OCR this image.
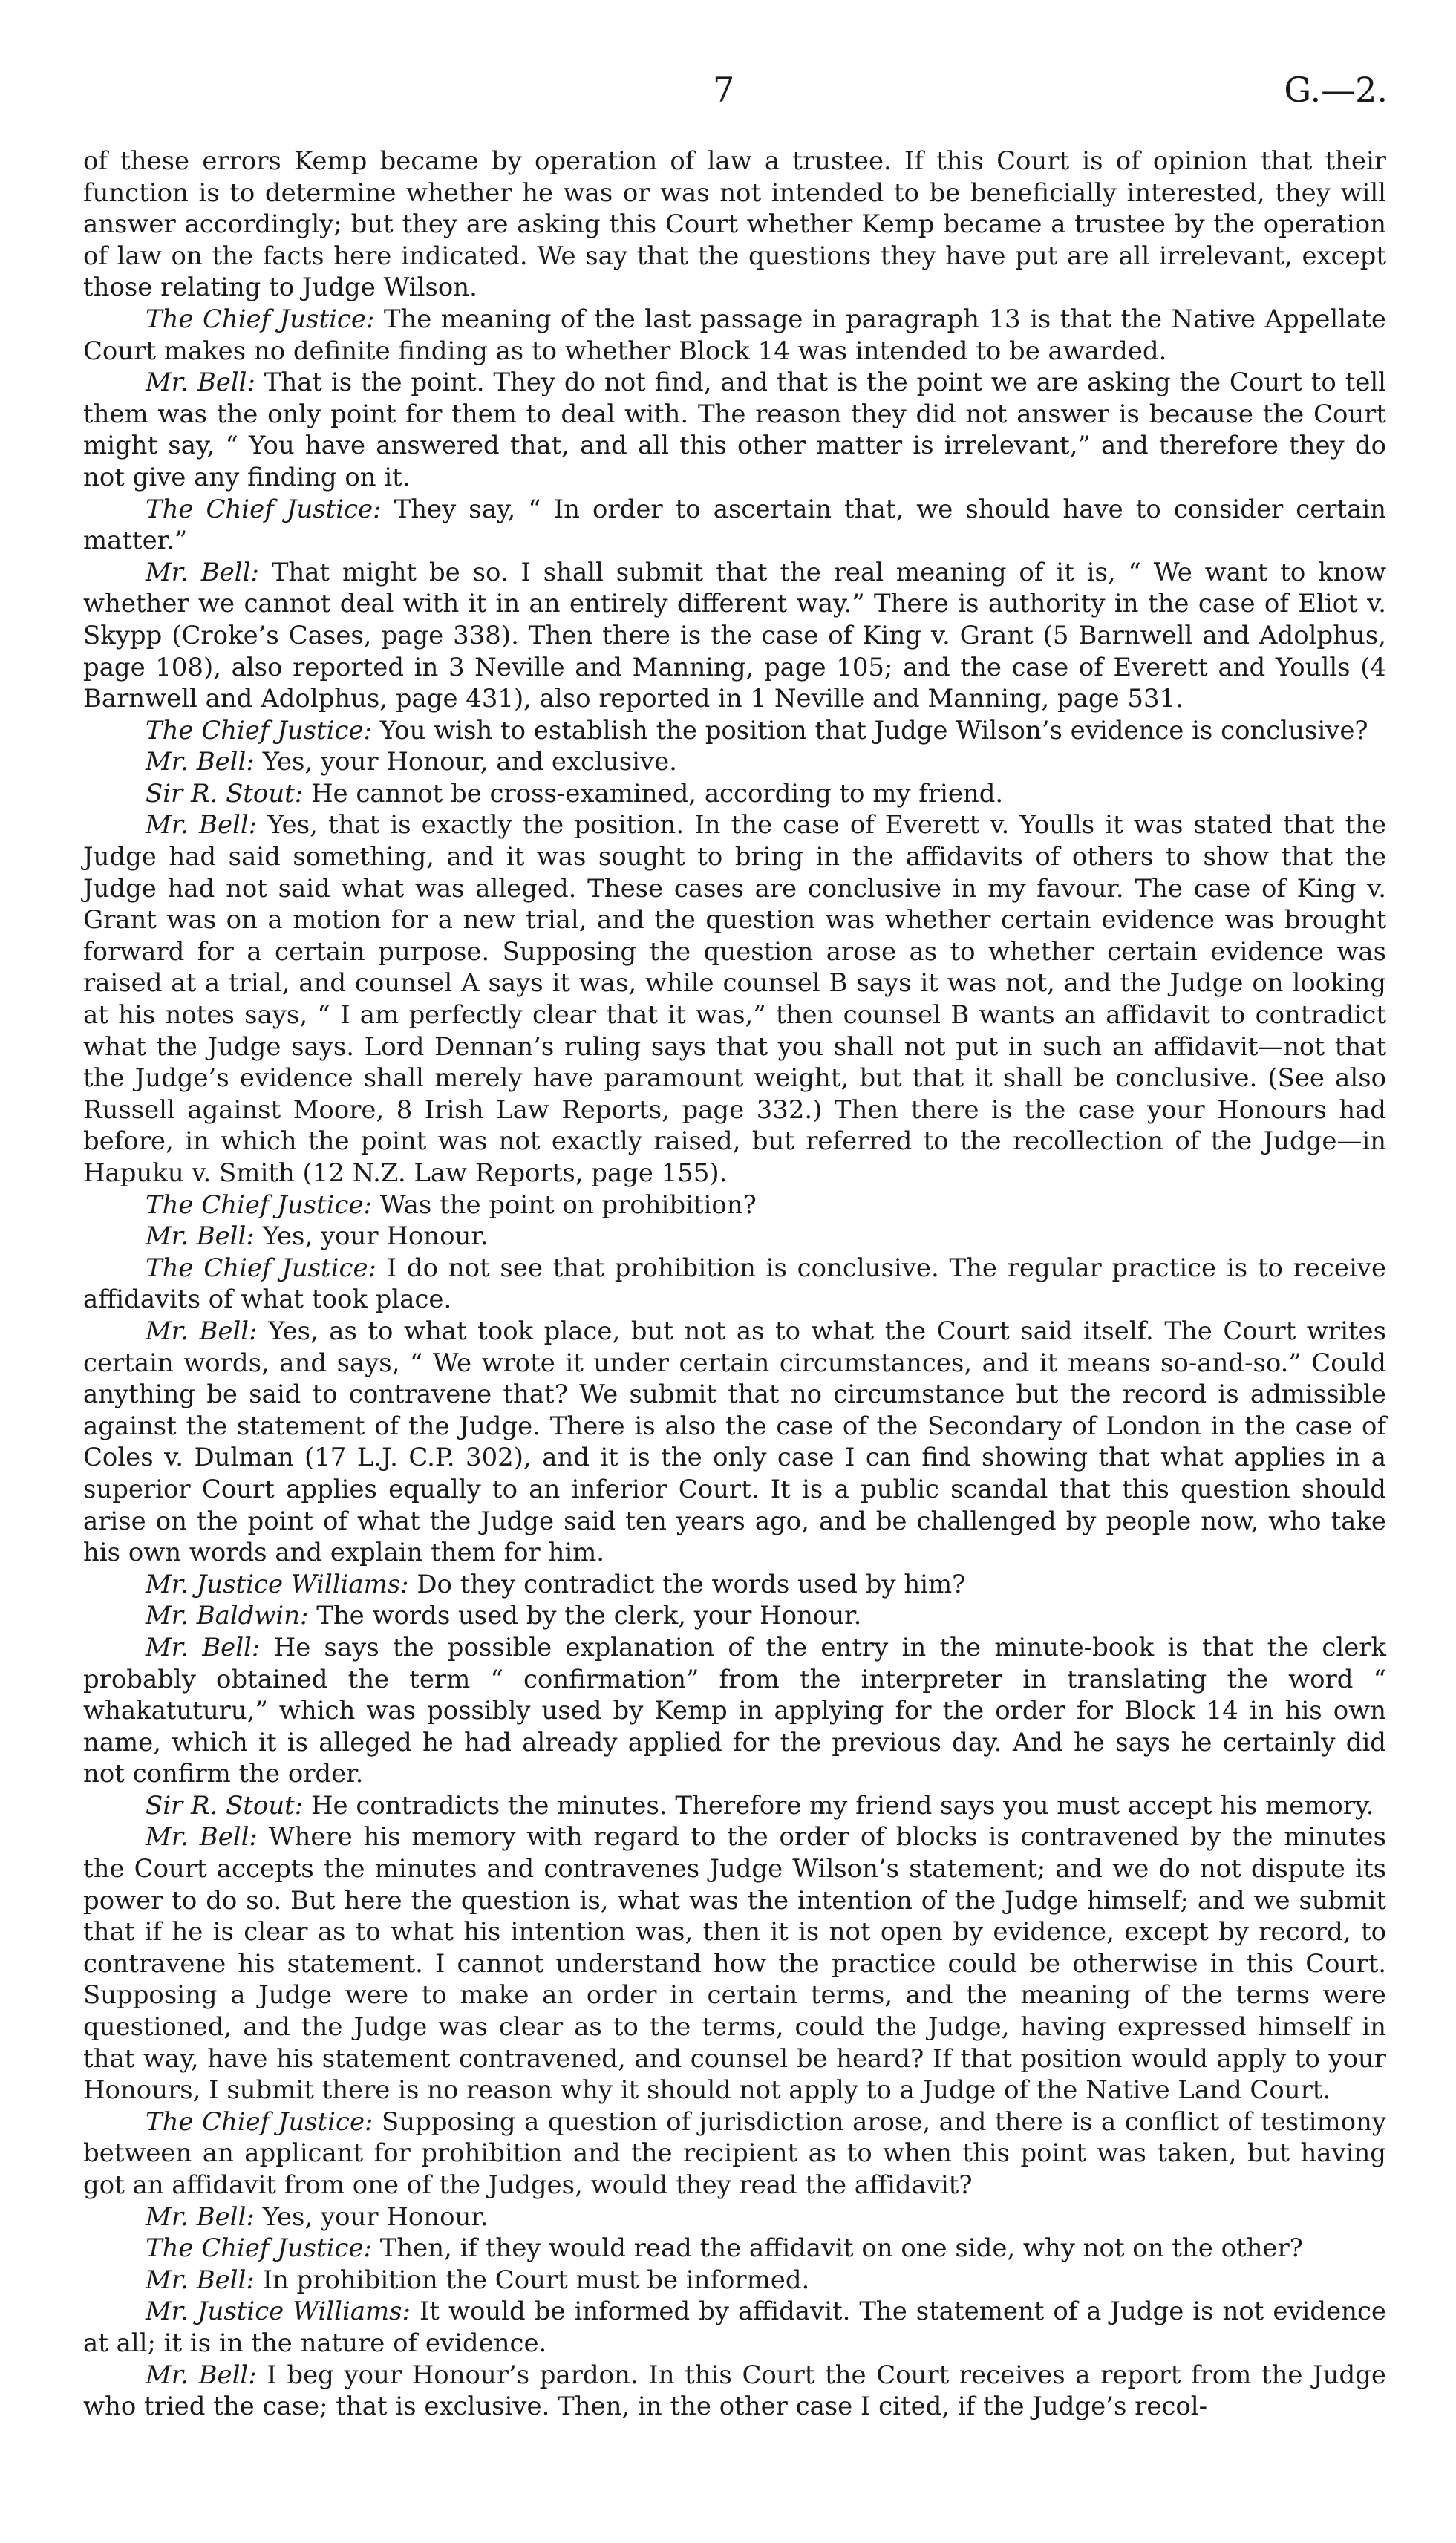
7	G.—2.

of these errors Kemp became by operation of law a trustee. If this Court is of opinion that their function is to determine whether he was or was not intended to be beneficially interested, they will answer accordingly; but they are asking this Court whether Kemp became a trustee by the operation of law on the facts here indicated. We say that the questions they have put are all irrelevant, except those relating to Judge Wilson.

The Chief Justice: The meaning of the last passage in paragraph 13 is that the Native Appellate Court makes no definite finding as to whether Block 14 was intended to be awarded.

Mr. Bell: That is the point. They do not find, and that is the point we are asking the Court to tell them was the only point for them to deal with. The reason they did not answer is because the Court might say, “ You have answered that, and all this other matter is irrelevant,” and therefore they do not give any finding on it.

The Chief Justice: They say, “ In order to ascertain that, we should have to consider certain matter.”

Mr. Bell: That might be so. I shall submit that the real meaning of it is, “ We want to know whether we cannot deal with it in an entirely different way.” There is authority in the case of Eliot v. Skypp (Croke’s Cases, page 338). Then there is the case of King v. Grant (5 Barnwell and Adolphus, page 108), also reported in 3 Neville and Manning, page 105; and the case of Everett and Youlls (4 Barnwell and Adolphus, page 431), also reported in 1 Neville and Manning, page 531.

The Chief Justice: You wish to establish the position that Judge Wilson’s evidence is conclusive?

Mr. Bell: Yes, your Honour, and exclusive.

Sir R. Stout: He cannot be cross-examined, according to my friend.

Mr. Bell: Yes, that is exactly the position. In the case of Everett v. Youlls it was stated that the Judge had said something, and it was sought to bring in the affidavits of others to show that the Judge had not said what was alleged. These cases are conclusive in my favour. The case of King v. Grant was on a motion for a new trial, and the question was whether certain evidence was brought forward for a certain purpose. Supposing the question arose as to whether certain evidence was raised at a trial, and counsel A says it was, while counsel B says it was not, and the Judge on looking at his notes says, “ I am perfectly clear that it was,” then counsel B wants an affidavit to contradict what the Judge says. Lord Dennan’s ruling says that you shall not put in such an affidavit—not that the Judge’s evidence shall merely have paramount weight, but that it shall be conclusive. (See also Russell against Moore, 8 Irish Law Reports, page 332.) Then there is the case your Honours had before, in which the point was not exactly raised, but referred to the recollection of the Judge—in Hapuku v. Smith (12 N.Z. Law Reports, page 155).

The Chief Justice: Was the point on prohibition?

Mr. Bell: Yes, your Honour.

The Chief Justice: I do not see that prohibition is conclusive. The regular practice is to receive affidavits of what took place.

Mr. Bell: Yes, as to what took place, but not as to what the Court said itself. The Court writes certain words, and says, “ We wrote it under certain circumstances, and it means so-and-so.” Could anything be said to contravene that? We submit that no circumstance but the record is admissible against the statement of the Judge. There is also the case of the Secondary of London in the case of Coles v. Dulman (17 L.J. C.P. 302), and it is the only case I can find showing that what applies in a superior Court applies equally to an inferior Court. It is a public scandal that this question should arise on the point of what the Judge said ten years ago, and be challenged by people now, who take his own words and explain them for him.

Mr. Justice Williams: Do they contradict the words used by him?

Mr. Baldwin: The words used by the clerk, your Honour.

Mr. Bell: He says the possible explanation of the entry in the minute-book is that the clerk probably obtained the term “ confirmation” from the interpreter in translating the word “ whakatuturu,” which was possibly used by Kemp in applying for the order for Block 14 in his own name, which it is alleged he had already applied for the previous day. And he says he certainly did not confirm the order.

Sir R. Stout: He contradicts the minutes. Therefore my friend says you must accept his memory.

Mr. Bell: Where his memory with regard to the order of blocks is contravened by the minutes the Court accepts the minutes and contravenes Judge Wilson’s statement; and we do not dispute its power to do so. But here the question is, what was the intention of the Judge himself; and we submit that if he is clear as to what his intention was, then it is not open by evidence, except by record, to contravene his statement. I cannot understand how the practice could be otherwise in this Court. Supposing a Judge were to make an order in certain terms, and the meaning of the terms were questioned, and the Judge was clear as to the terms, could the Judge, having expressed himself in that way, have his statement contravened, and counsel be heard? If that position would apply to your Honours, I submit there is no reason why it should not apply to a Judge of the Native Land Court.

The Chief Justice: Supposing a question of jurisdiction arose, and there is a conflict of testimony between an applicant for prohibition and the recipient as to when this point was taken, but having got an affidavit from one of the Judges, would they read the affidavit?

Mr. Bell: Yes, your Honour.

The Chief Justice: Then, if they would read the affidavit on one side, why not on the other?

Mr. Bell: In prohibition the Court must be informed.

Mr. Justice Williams: It would be informed by affidavit. The statement of a Judge is not evidence at all; it is in the nature of evidence.

Mr. Bell: I beg your Honour’s pardon. In this Court the Court receives a report from the Judge who tried the case; that is exclusive. Then, in the other case I cited, if the Judge’s recol-
